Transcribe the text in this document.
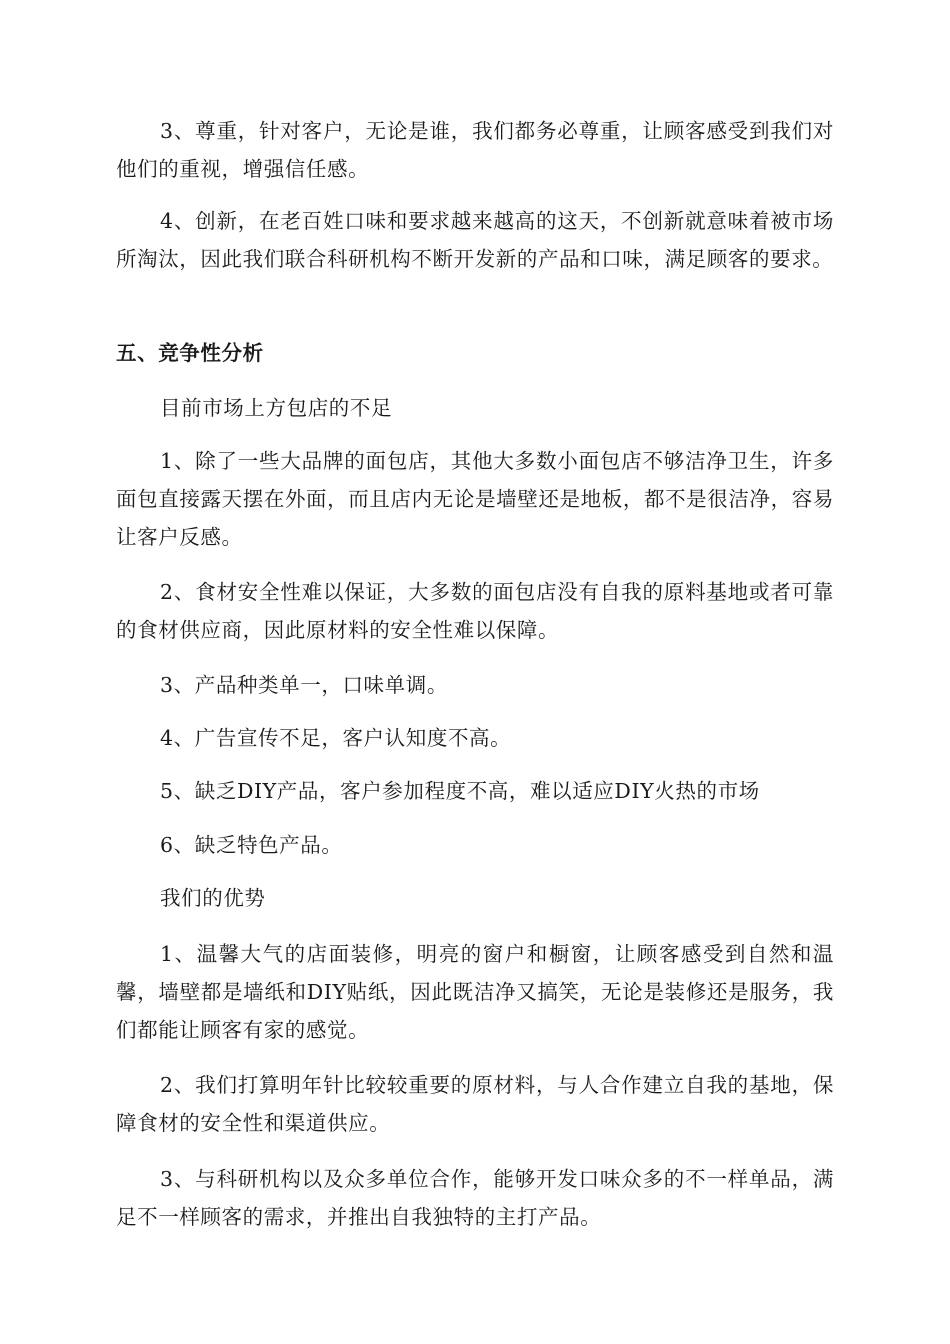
3、尊重，针对客户，无论是谁，我们都务必尊重，让顾客感受到我们对他们的重视，增强信任感。

4、创新，在老百姓口味和要求越来越高的这天，不创新就意味着被市场所淘汰，因此我们联合科研机构不断开发新的产品和口味，满足顾客的要求。

五、竞争性分析

目前市场上方包店的不足

1、除了一些大品牌的面包店，其他大多数小面包店不够洁净卫生，许多面包直接露天摆在外面，而且店内无论是墙壁还是地板，都不是很洁净，容易让客户反感。

2、食材安全性难以保证，大多数的面包店没有自我的原料基地或者可靠的食材供应商，因此原材料的安全性难以保障。

3、产品种类单一，口味单调。

4、广告宣传不足，客户认知度不高。

5、缺乏DIY产品，客户参加程度不高，难以适应DIY火热的市场

6、缺乏特色产品。

我们的优势

1、温馨大气的店面装修，明亮的窗户和橱窗，让顾客感受到自然和温馨，墙壁都是墙纸和DIY贴纸，因此既洁净又搞笑，无论是装修还是服务，我们都能让顾客有家的感觉。

2、我们打算明年针比较较重要的原材料，与人合作建立自我的基地，保障食材的安全性和渠道供应。

3、与科研机构以及众多单位合作，能够开发口味众多的不一样单品，满足不一样顾客的需求，并推出自我独特的主打产品。
